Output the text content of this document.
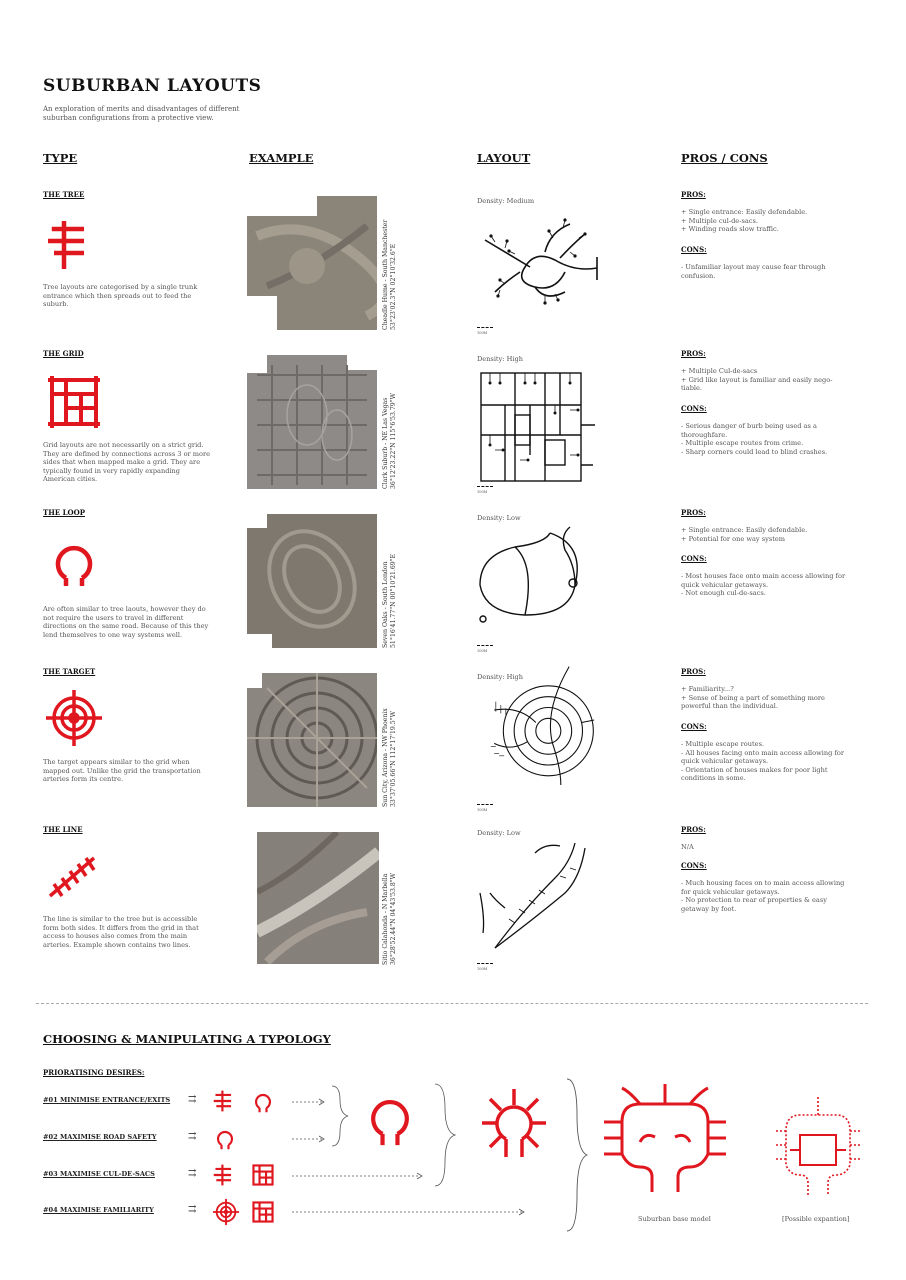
SUBURBAN LAYOUTS
An exploration of merits and disadvantages of different suburban configurations from a protective view.
TYPE	EXAMPLE	LAYOUT	PROS / CONS
THE TREE
Tree layouts are categorised by a single trunk entrance which then spreads out to feed the suburb.	Cheadle Hume - South Manchester 53°23'02.3"N 02°10'32.6"E
Density: Medium
100M
PROS:
+ Single entrance: Easily defendable.
+ Multiple cul-de-sacs.
+ Winding roads slow traffic.
CONS:
- Unfamiliar layout may cause fear through confusion.
THE GRID
Grid layouts are not necessarily on a strict grid. They are defined by connections across 3 or more sides that when mapped make a grid. They are typically found in very rapidly expanding American cities.	Clark Suburb - NE Las Vegas 36°12'23.22"N 115°6'53.79"W
Density: High
100M
PROS:
+ Multiple Cul-de-sacs
+ Grid like layout is familiar and easily nego- tiable.
CONS:
- Serious danger of burb being used as a thoroughfare.
- Multiple escape routes from crime.
- Sharp corners could lead to blind crashes.
THE LOOP
Are often similar to tree laouts, however they do not require the users to travel in different directions on the same road. Because of this they lend themselves to one way systems well.	Seven Oaks - South London 51°16'41.77"N 00°10'21.69"E
Density: Low
100M
PROS:
+ Single entrance: Easily defendable.
+ Potential for one way system
CONS:
- Most houses face onto main access allowing for quick vehicular getaways.
- Not enough cul-de-sacs.
THE TARGET
The target appears similar to the grid when mapped out. Unlike the grid the transportation arteries form its centre.	Sun City, Arizona - NW Phoenix 33°37'05.66"N 112°17'19.5"W
Density: High
100M
PROS:
+ Familiarity...?
+ Sense of being a part of something more powerful than the individual.
CONS:
- Multiple escape routes.
- All houses facing onto main access allowing for quick vehicular getaways.
- Orientation of houses makes for poor light conditions in some.
THE LINE
The line is similar to the tree but is accessible form both sides. It differs from the grid in that access to houses also comes from the main arteries. Example shown contains two lines.	Sitio Calahonda - N Marbella 36°28'52.44"N 04°43'53.8"W
Density: Low
100M
PROS:
N/A
CONS:
- Much housing faces on to main access allowing for quick vehicular getaways.
- No protection to rear of properties & easy getaway by foot.
CHOOSING & MANIPULATING A TYPOLOGY
PRIORATISING DESIRES:
#01 MINIMISE ENTRANCE/EXITS
#02 MAXIMISE ROAD SAFETY
#03 MAXIMISE CUL-DE-SACS
#04 MAXIMISE FAMILIARITY
⇉
⇉
⇉
⇉
Suburban base model	[Possible expantion]
